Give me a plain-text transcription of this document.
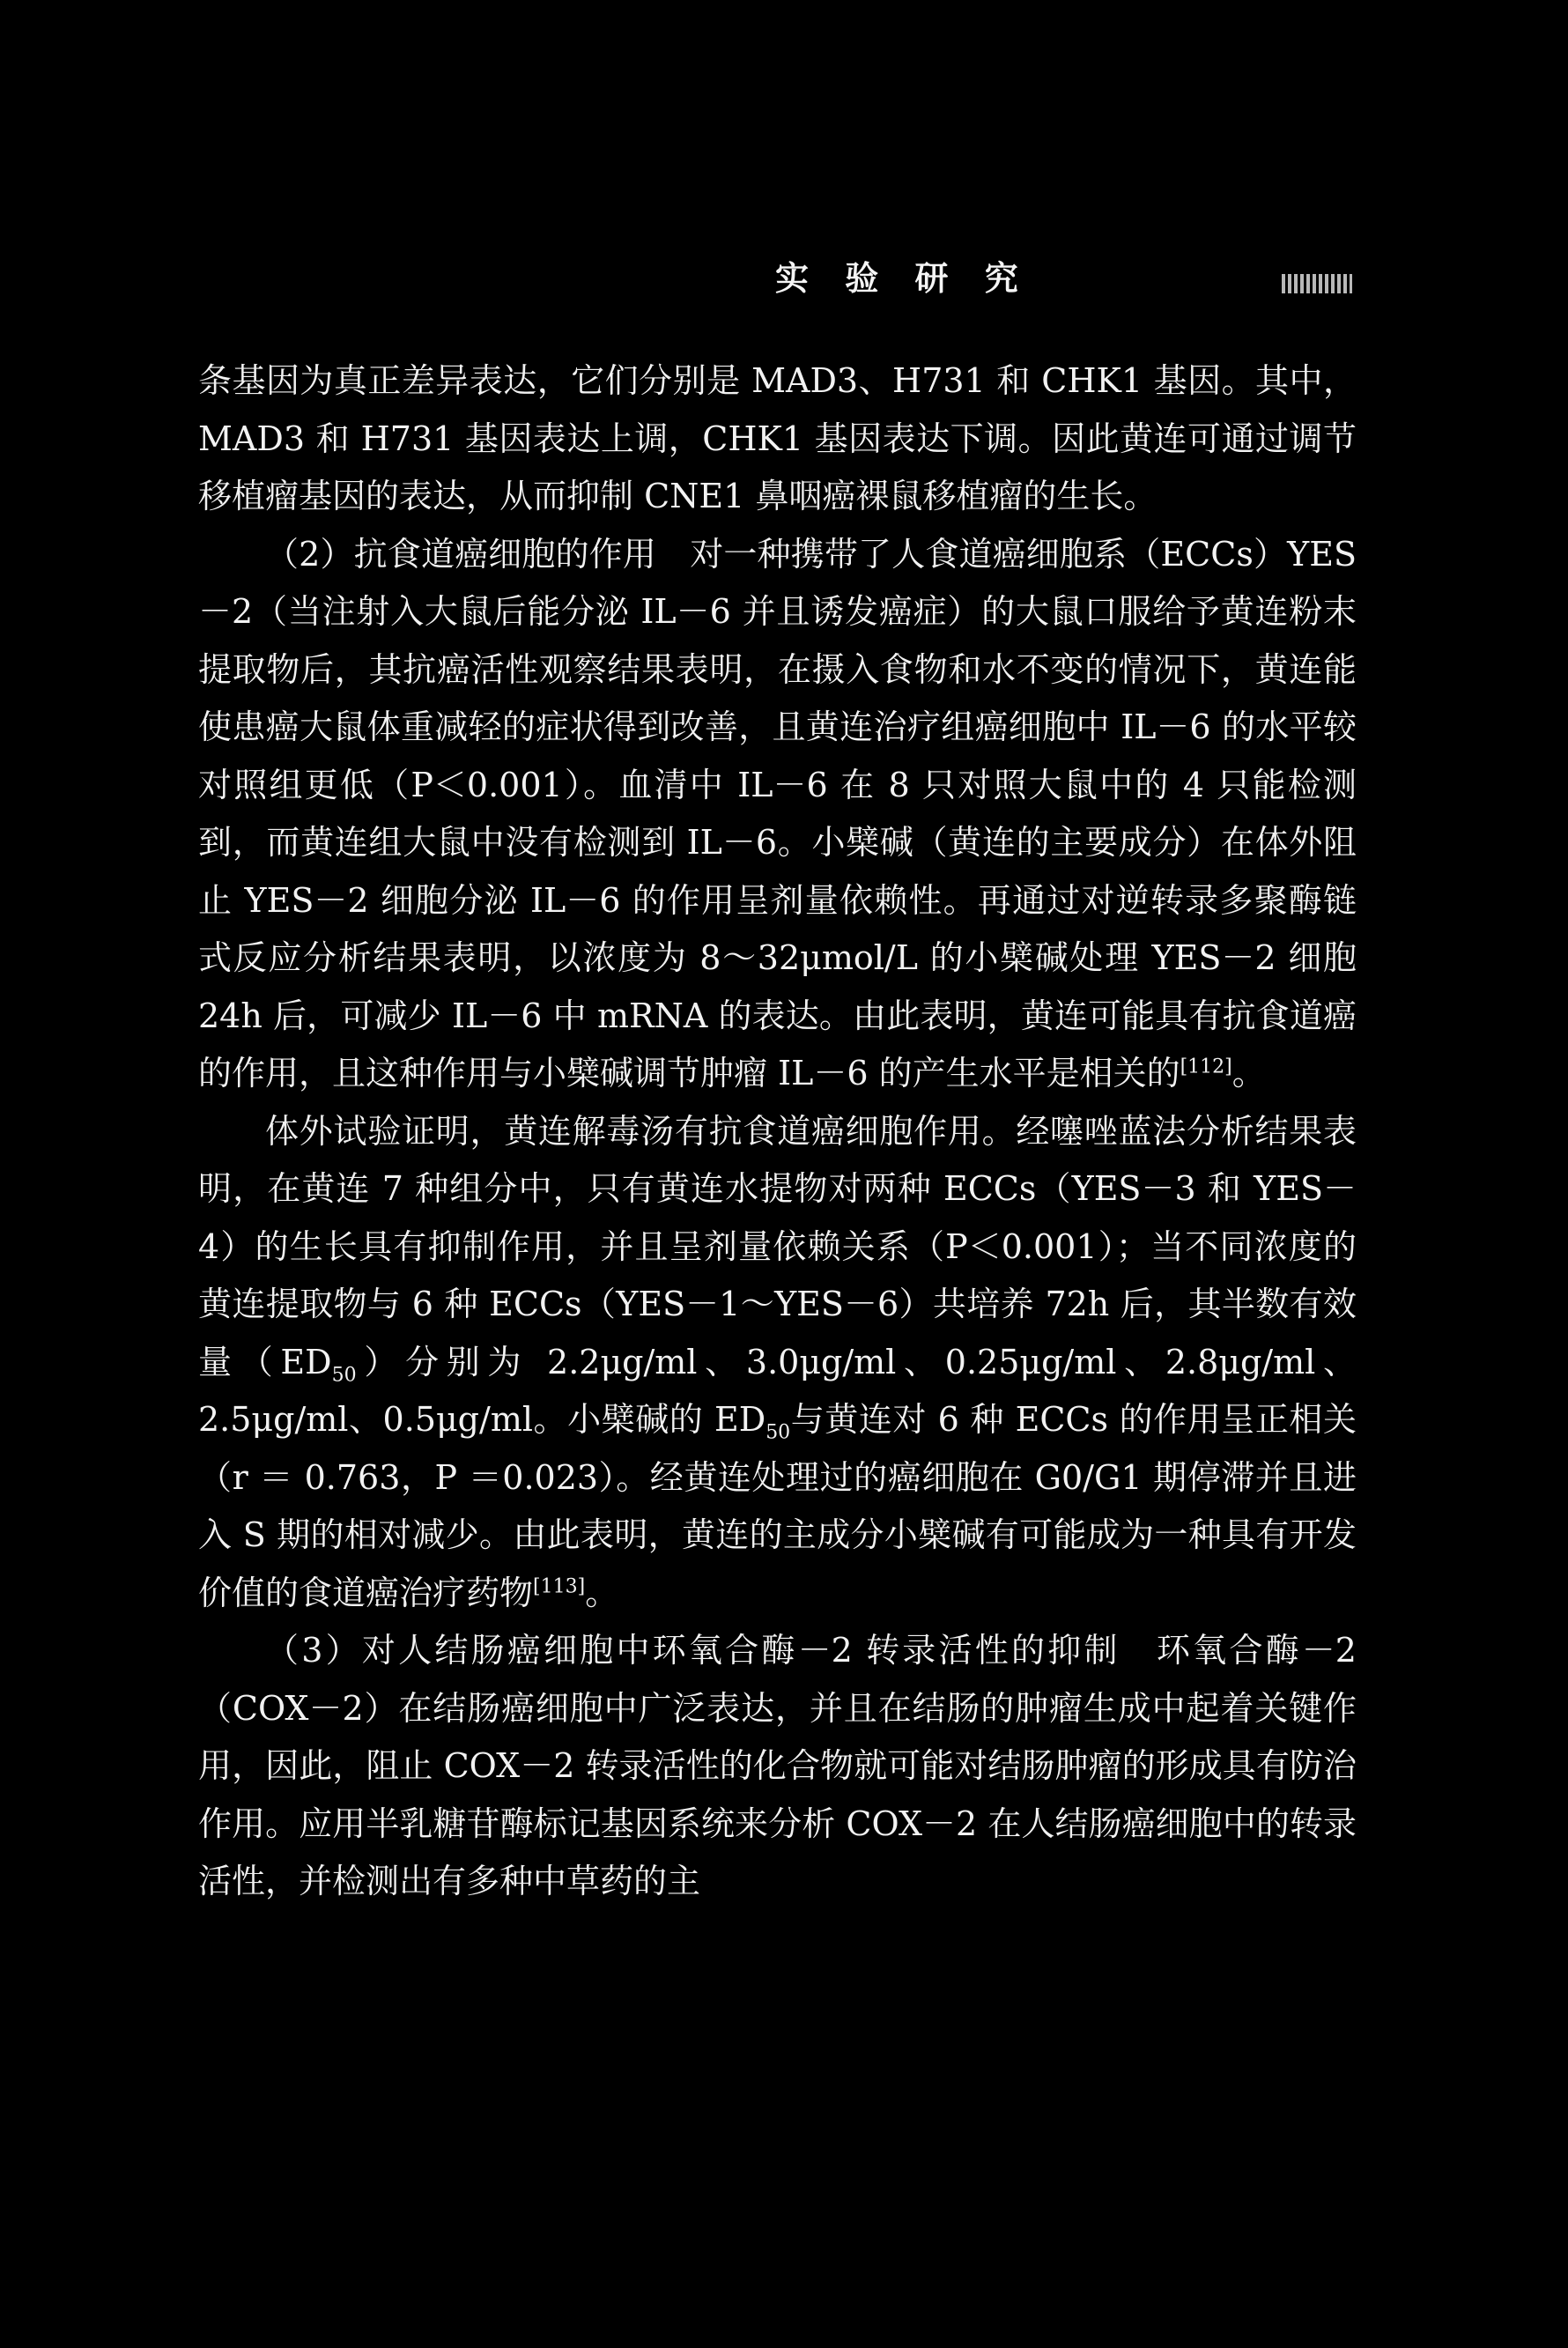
实 验 研 究

条基因为真正差异表达，它们分别是 MAD3、H731 和 CHK1 基因。其中，MAD3 和 H731 基因表达上调，CHK1 基因表达下调。因此黄连可通过调节移植瘤基因的表达，从而抑制 CNE1 鼻咽癌裸鼠移植瘤的生长。

（2）抗食道癌细胞的作用　对一种携带了人食道癌细胞系（ECCs）YES－2（当注射入大鼠后能分泌 IL－6 并且诱发癌症）的大鼠口服给予黄连粉末提取物后，其抗癌活性观察结果表明，在摄入食物和水不变的情况下，黄连能使患癌大鼠体重减轻的症状得到改善，且黄连治疗组癌细胞中 IL－6 的水平较对照组更低（P＜0.001）。血清中 IL－6 在 8 只对照大鼠中的 4 只能检测到，而黄连组大鼠中没有检测到 IL－6。小檗碱（黄连的主要成分）在体外阻止 YES－2 细胞分泌 IL－6 的作用呈剂量依赖性。再通过对逆转录多聚酶链式反应分析结果表明，以浓度为 8～32μmol/L 的小檗碱处理 YES－2 细胞 24h 后，可减少 IL－6 中 mRNA 的表达。由此表明，黄连可能具有抗食道癌的作用，且这种作用与小檗碱调节肿瘤 IL－6 的产生水平是相关的[112]。

体外试验证明，黄连解毒汤有抗食道癌细胞作用。经噻唑蓝法分析结果表明，在黄连 7 种组分中，只有黄连水提物对两种 ECCs（YES－3 和 YES－4）的生长具有抑制作用，并且呈剂量依赖关系（P＜0.001）；当不同浓度的黄连提取物与 6 种 ECCs（YES－1～YES－6）共培养 72h 后，其半数有效量$(ED_{50})$分别为 2.2μg/ml、3.0μg/ml、0.25μg/ml、2.8μg/ml、2.5μg/ml、0.5μg/ml。小檗碱的 $ED_{50}$与黄连对 6 种 ECCs 的作用呈正相关（r ＝ 0.763，P ＝0.023）。经黄连处理过的癌细胞在 G0/G1 期停滞并且进入 S 期的相对减少。由此表明，黄连的主成分小檗碱有可能成为一种具有开发价值的食道癌治疗药物[113]。

（3）对人结肠癌细胞中环氧合酶－2 转录活性的抑制　环氧合酶－2（COX－2）在结肠癌细胞中广泛表达，并且在结肠的肿瘤生成中起着关键作用，因此，阻止 COX－2 转录活性的化合物就可能对结肠肿瘤的形成具有防治作用。应用半乳糖苷酶标记基因系统来分析 COX－2 在人结肠癌细胞中的转录活性，并检测出有多种中草药的主
